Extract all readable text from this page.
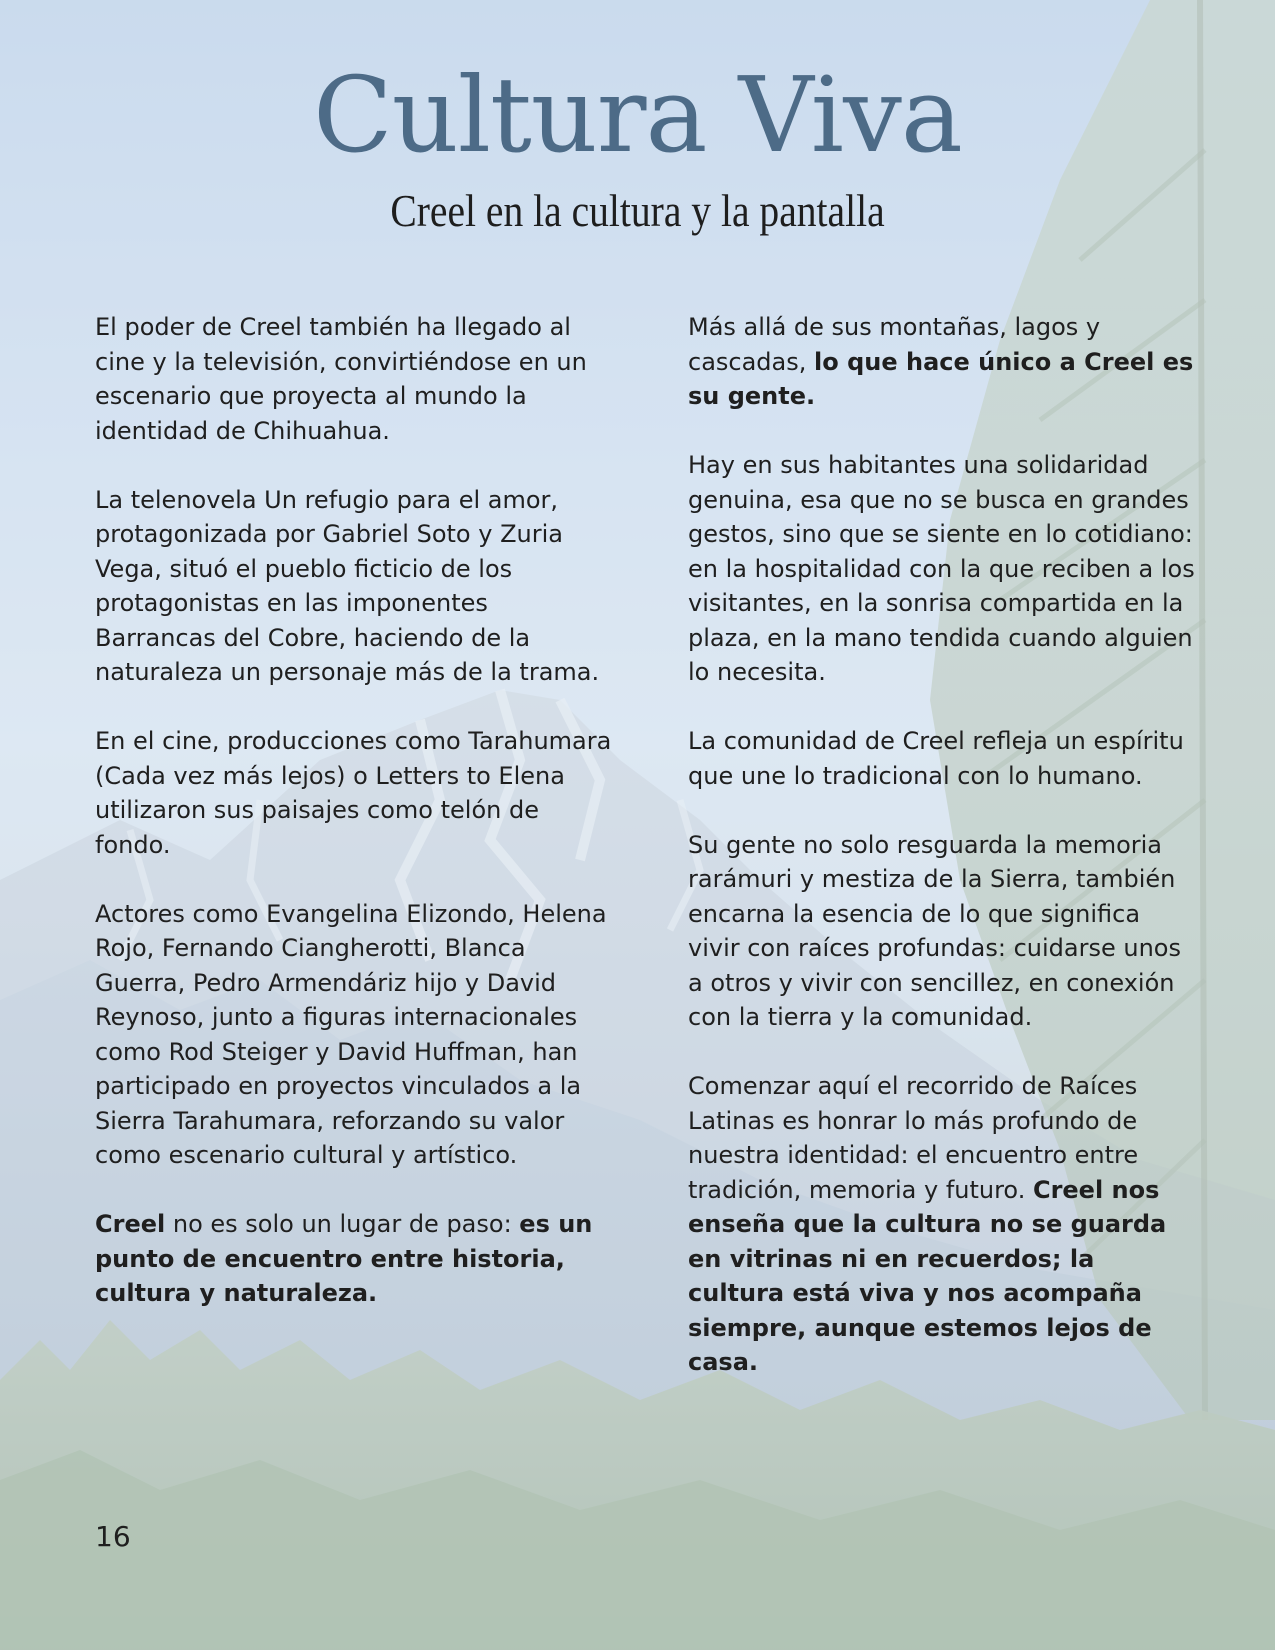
Cultura Viva
Creel en la cultura y la pantalla

El poder de Creel también ha llegado al cine y la televisión, convirtiéndose en un escenario que proyecta al mundo la identidad de Chihuahua.

La telenovela Un refugio para el amor, protagonizada por Gabriel Soto y Zuria Vega, situó el pueblo ficticio de los protagonistas en las imponentes Barrancas del Cobre, haciendo de la naturaleza un personaje más de la trama.

En el cine, producciones como Tarahumara (Cada vez más lejos) o Letters to Elena utilizaron sus paisajes como telón de fondo.

Actores como Evangelina Elizondo, Helena Rojo, Fernando Ciangherotti, Blanca Guerra, Pedro Armendáriz hijo y David Reynoso, junto a figuras internacionales como Rod Steiger y David Huffman, han participado en proyectos vinculados a la Sierra Tarahumara, reforzando su valor como escenario cultural y artístico.

Creel no es solo un lugar de paso: es un punto de encuentro entre historia, cultura y naturaleza.

Más allá de sus montañas, lagos y cascadas, lo que hace único a Creel es su gente.

Hay en sus habitantes una solidaridad genuina, esa que no se busca en grandes gestos, sino que se siente en lo cotidiano: en la hospitalidad con la que reciben a los visitantes, en la sonrisa compartida en la plaza, en la mano tendida cuando alguien lo necesita.

La comunidad de Creel refleja un espíritu que une lo tradicional con lo humano.

Su gente no solo resguarda la memoria rarámuri y mestiza de la Sierra, también encarna la esencia de lo que significa vivir con raíces profundas: cuidarse unos a otros y vivir con sencillez, en conexión con la tierra y la comunidad.

Comenzar aquí el recorrido de Raíces Latinas es honrar lo más profundo de nuestra identidad: el encuentro entre tradición, memoria y futuro. Creel nos enseña que la cultura no se guarda en vitrinas ni en recuerdos; la cultura está viva y nos acompaña siempre, aunque estemos lejos de casa.

16
